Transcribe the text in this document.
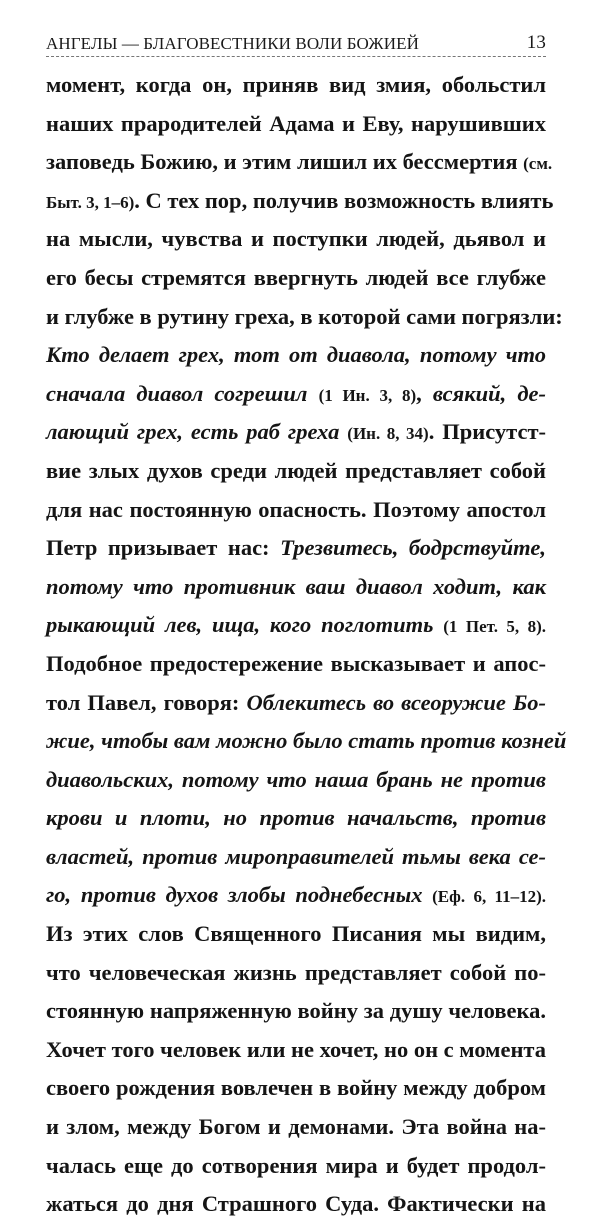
АНГЕЛЫ — БЛАГОВЕСТНИКИ ВОЛИ БОЖИЕЙ	13
момент, когда он, приняв вид змия, обольстил
наших прародителей Адама и Еву, нарушивших
заповедь Божию, и этим лишил их бессмертия (см.
Быт. 3, 1–6). С тех пор, получив возможность влиять
на мысли, чувства и поступки людей, дьявол и
его бесы стремятся ввергнуть людей все глубже
и глубже в рутину греха, в которой сами погрязли:
Кто делает грех, тот от диавола, потому что
сначала диавол согрешил (1 Ин. 3, 8), всякий, де-
лающий грех, есть раб греха (Ин. 8, 34). Присутст-
вие злых духов среди людей представляет собой
для нас постоянную опасность. Поэтому апостол
Петр призывает нас: Трезвитесь, бодрствуйте,
потому что противник ваш диавол ходит, как
рыкающий лев, ища, кого поглотить (1 Пет. 5, 8).
Подобное предостережение высказывает и апос-
тол Павел, говоря: Облекитесь во всеоружие Бо-
жие, чтобы вам можно было стать против козней
диавольских, потому что наша брань не против
крови и плоти, но против начальств, против
властей, против мироправителей тьмы века се-
го, против духов злобы поднебесных (Еф. 6, 11–12).
Из этих слов Священного Писания мы видим,
что человеческая жизнь представляет собой по-
стоянную напряженную войну за душу человека.
Хочет того человек или не хочет, но он с момента
своего рождения вовлечен в войну между добром
и злом, между Богом и демонами. Эта война на-
чалась еще до сотворения мира и будет продол-
жаться до дня Страшного Суда. Фактически на
